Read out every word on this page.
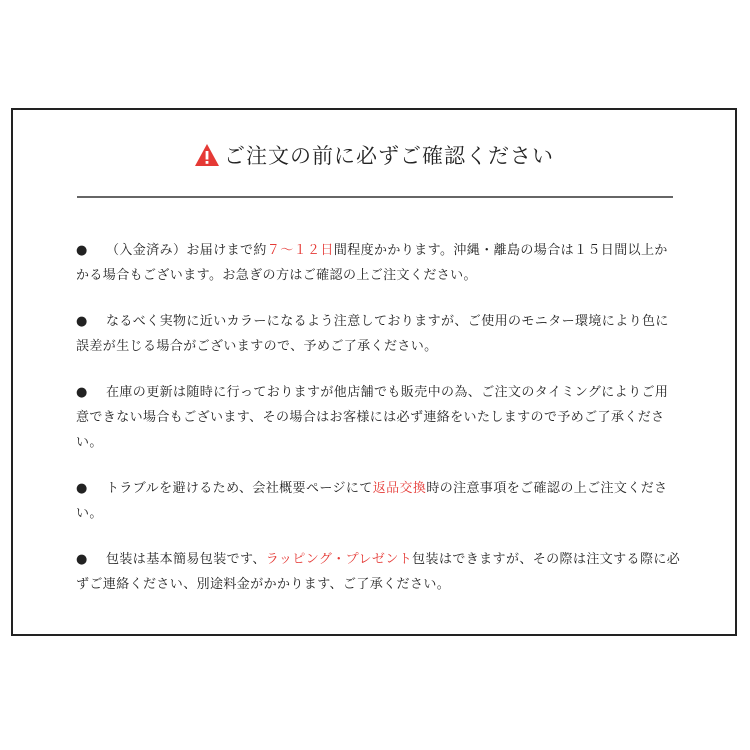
ご注文の前に必ずご確認ください

● （入金済み）お届けまで約７～１２日間程度かかります。沖縄・離島の場合は１５日間以上かかる場合もございます。お急ぎの方はご確認の上ご注文ください。

● なるべく実物に近いカラーになるよう注意しておりますが、ご使用のモニター環境により色に誤差が生じる場合がございますので、予めご了承ください。

● 在庫の更新は随時に行っておりますが他店舗でも販売中の為、ご注文のタイミングによりご用意できない場合もございます、その場合はお客様には必ず連絡をいたしますので予めご了承ください。

● トラブルを避けるため、会社概要ページにて返品交換時の注意事項をご確認の上ご注文ください。

● 包装は基本簡易包装です、ラッピング・プレゼント包装はできますが、その際は注文する際に必ずご連絡ください、別途料金がかかります、ご了承ください。
